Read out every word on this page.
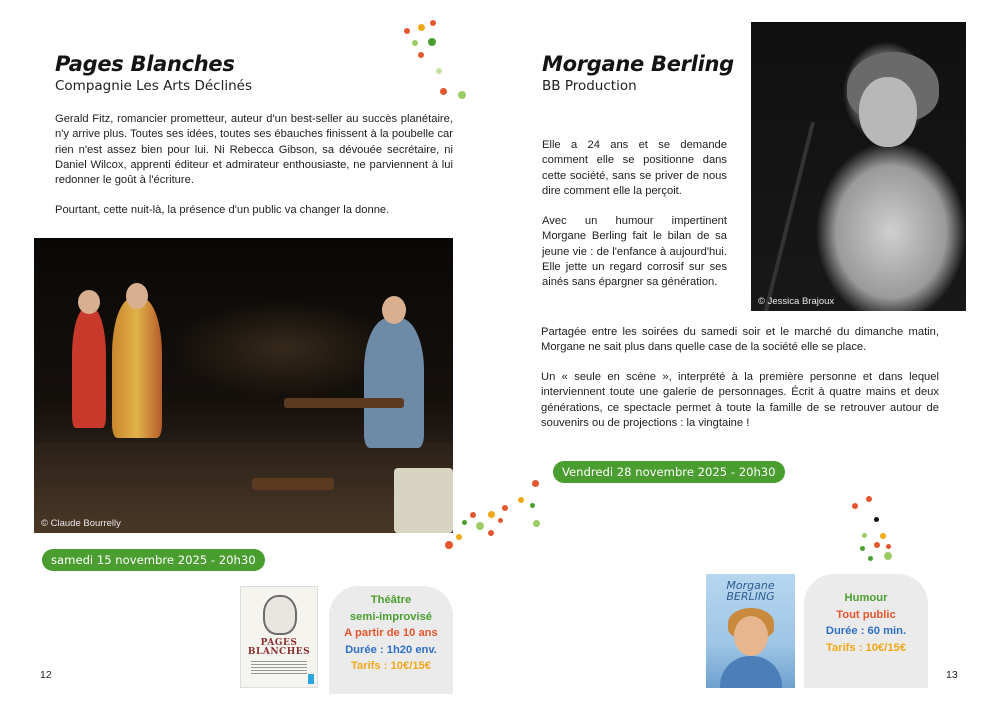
Pages Blanches
Compagnie Les Arts Déclinés

Gerald Fitz, romancier prometteur, auteur d'un best-seller au succès planétaire, n'y arrive plus. Toutes ses idées, toutes ses ébauches finissent à la poubelle car rien n'est assez bien pour lui. Ni Rebecca Gibson, sa dévouée secrétaire, ni Daniel Wilcox, apprenti éditeur et admirateur enthousiaste, ne parviennent à lui redonner le goût à l'écriture.

Pourtant, cette nuit-là, la présence d'un public va changer la donne.

© Claude Bourrelly
samedi 15 novembre 2025 - 20h30
PAGES
BLANCHES
Théâtre
semi-improvisé
A partir de 10 ans
Durée : 1h20 env.
Tarifs : 10€/15€
12
Morgane Berling
BB Production

Elle a 24 ans et se demande comment elle se positionne dans cette société, sans se priver de nous dire comment elle la perçoit.

Avec un humour impertinent Morgane Berling fait le bilan de sa jeune vie : de l'enfance à aujourd'hui. Elle jette un regard corrosif sur ses ainés sans épargner sa génération.

Partagée entre les soirées du samedi soir et le marché du dimanche matin, Morgane ne sait plus dans quelle case de la société elle se place.

Un « seule en scène », interprété à la première personne et dans lequel interviennent toute une galerie de personnages. Écrit à quatre mains et deux générations, ce spectacle permet à toute la famille de se retrouver autour de souvenirs ou de projections : la vingtaine !

© Jessica Brajoux
Vendredi 28 novembre 2025 - 20h30
Morgane
BERLING	Humour
Tout public
Durée : 60 min.
Tarifs : 10€/15€
13
